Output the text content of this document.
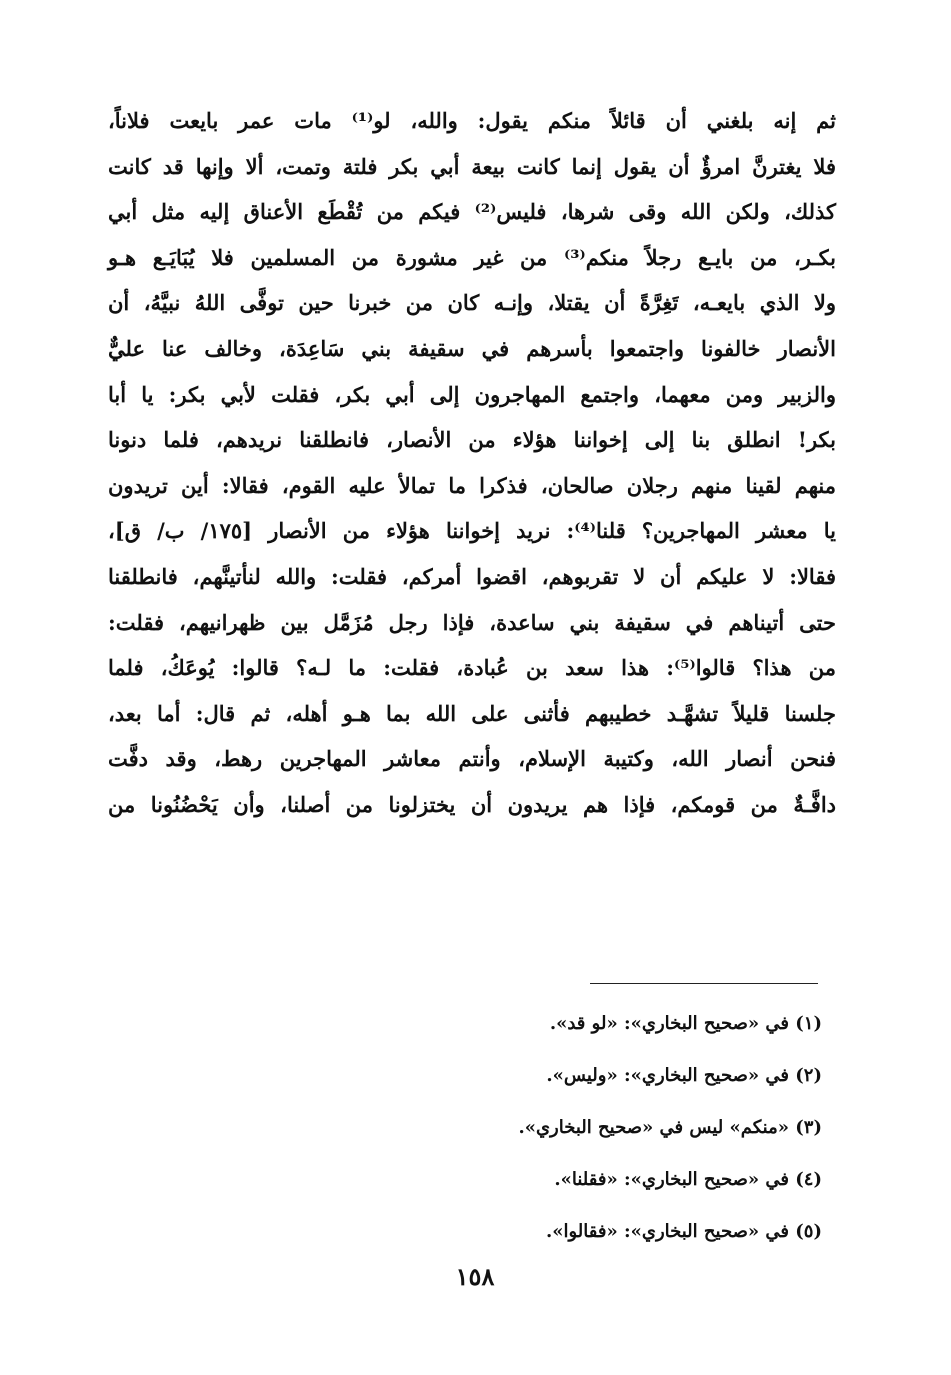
ثم إنه بلغني أن قائلاً منكم يقول: والله، لو⁽¹⁾ مات عمر بايعت فلاناً،
فلا يغترنَّ امرؤٌ أن يقول إنما كانت بيعة أبي بكر فلتة وتمت، ألا وإنها قد كانت
كذلك، ولكن الله وقى شرها، فليس⁽²⁾ فيكم من تُقْطَع الأعناق إليه مثل أبي
بكـر، من بايـع رجلاً منكم⁽³⁾ من غير مشورة من المسلمين فلا يُبَايَـع هـو
ولا الذي بايعـه، تَغِرَّةً أن يقتلا، وإنـه كان من خبرنا حين توفَّى اللهُ نبيَّهُ، أن
الأنصار خالفونا واجتمعوا بأسرهم في سقيفة بني سَاعِدَة، وخالف عنا عليٌّ
والزبير ومن معهما، واجتمع المهاجرون إلى أبي بكر، فقلت لأبي بكر: يا أبا
بكر! انطلق بنا إلى إخواننا هؤلاء من الأنصار، فانطلقنا نريدهم، فلما دنونا
منهم لقينا منهم رجلان صالحان، فذكرا ما تمالأ عليه القوم، فقالا: أين تريدون
يا معشر المهاجرين؟ قلنا⁽⁴⁾: نريد إخواننا هؤلاء من الأنصار [١٧٥/ ب/ ق]،
فقالا: لا عليكم أن لا تقربوهم، اقضوا أمركم، فقلت: والله لنأتينَّهم، فانطلقنا
حتى أتيناهم في سقيفة بني ساعدة، فإذا رجل مُزَمَّل بين ظهرانيهم، فقلت:
من هذا؟ قالوا⁽⁵⁾: هذا سعد بن عُبادة، فقلت: ما لـه؟ قالوا: يُوعَكُ، فلما
جلسنا قليلاً تشهَّـد خطيبهم فأثنى على الله بما هـو أهله، ثم قال: أما بعد،
فنحن أنصار الله، وكتيبة الإسلام، وأنتم معاشر المهاجرين رهط، وقد دفَّت
دافَّـةٌ من قومكم، فإذا هم يريدون أن يختزلونا من أصلنا، وأن يَحْضُنُونا من
(١) في «صحيح البخاري»: «لو قد».
(٢) في «صحيح البخاري»: «وليس».
(٣) «منكم» ليس في «صحيح البخاري».
(٤) في «صحيح البخاري»: «فقلنا».
(٥) في «صحيح البخاري»: «فقالوا».
١٥٨
